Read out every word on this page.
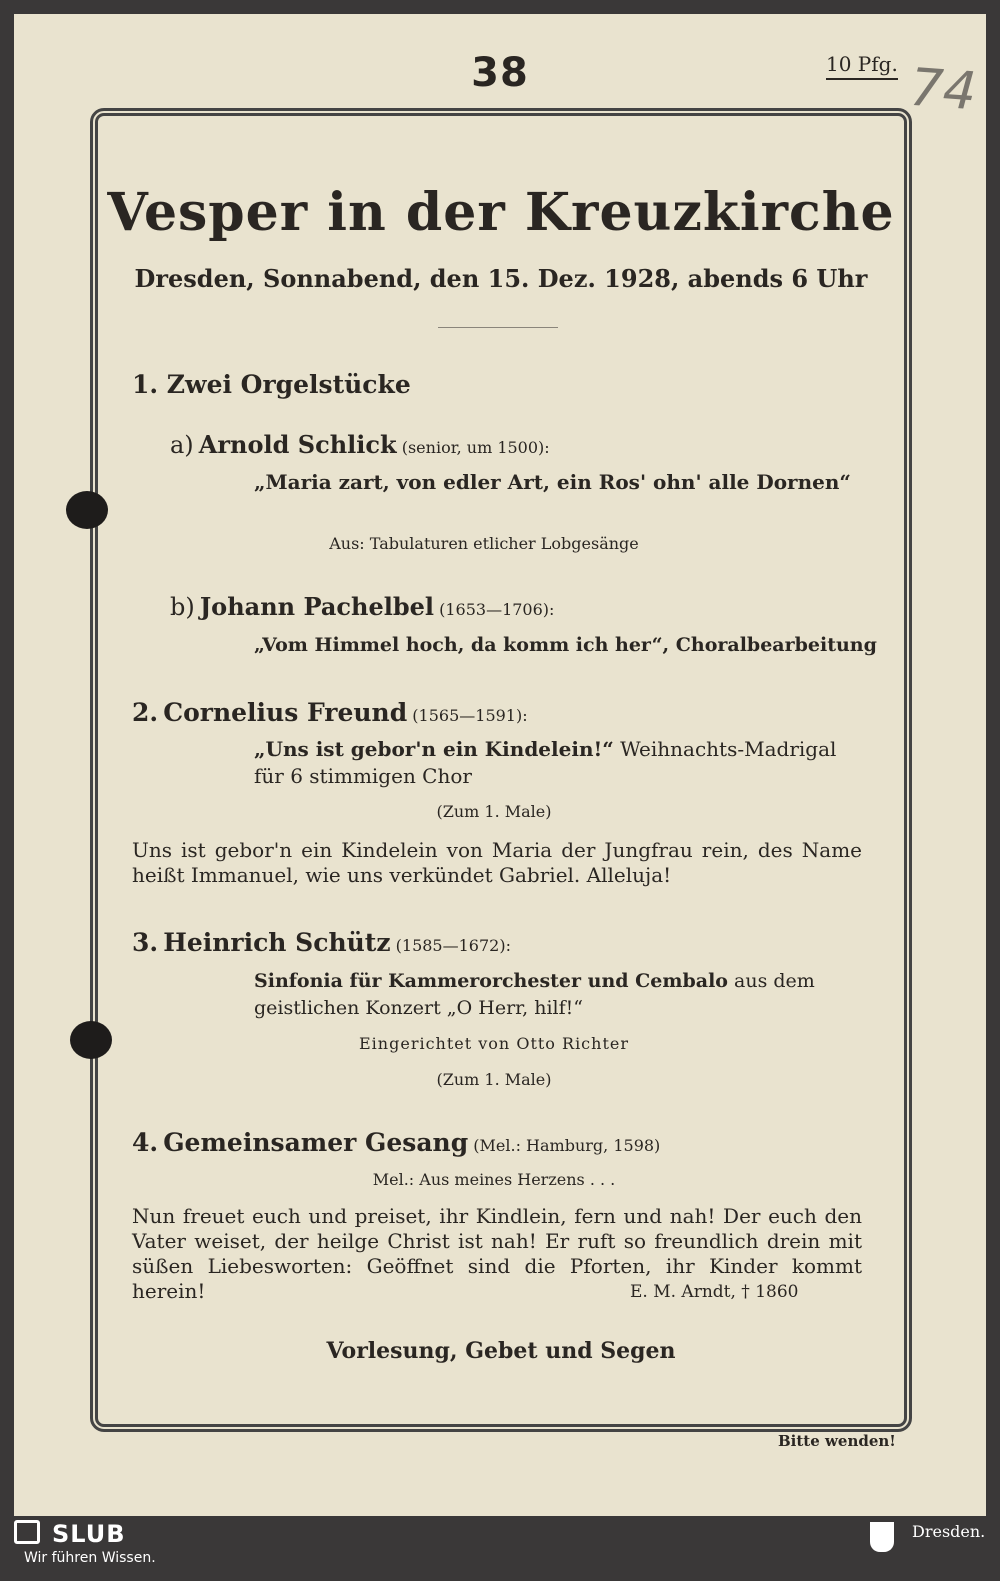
38	10 Pfg. 74
Vesper in der Kreuzkirche
Dresden, Sonnabend, den 15. Dez. 1928, abends 6 Uhr
1. Zwei Orgelstücke
a) Arnold Schlick (senior, um 1500):
„Maria zart, von edler Art, ein Ros' ohn' alle Dornen“
Aus: Tabulaturen etlicher Lobgesänge
b) Johann Pachelbel (1653—1706):
„Vom Himmel hoch, da komm ich her“, Choralbearbeitung
2. Cornelius Freund (1565—1591):
„Uns ist gebor'n ein Kindelein!“ Weihnachts-Madrigal für 6 stimmigen Chor
(Zum 1. Male)
Uns ist gebor'n ein Kindelein von Maria der Jungfrau rein, des Name heißt Immanuel, wie uns verkündet Gabriel. Alleluja!
3. Heinrich Schütz (1585—1672):
Sinfonia für Kammerorchester und Cembalo aus dem geistlichen Konzert „O Herr, hilf!“
Eingerichtet von Otto Richter
(Zum 1. Male)
4. Gemeinsamer Gesang (Mel.: Hamburg, 1598)
Mel.: Aus meines Herzens . . .
Nun freuet euch und preiset, ihr Kindlein, fern und nah! Der euch den Vater weiset, der heilge Christ ist nah! Er ruft so freundlich drein mit süßen Liebesworten: Geöffnet sind die Pforten, ihr Kinder kommt herein!	E. M. Arndt, † 1860
Vorlesung, Gebet und Segen
Bitte wenden!
SLUB
Wir führen Wissen.
Dresden.
